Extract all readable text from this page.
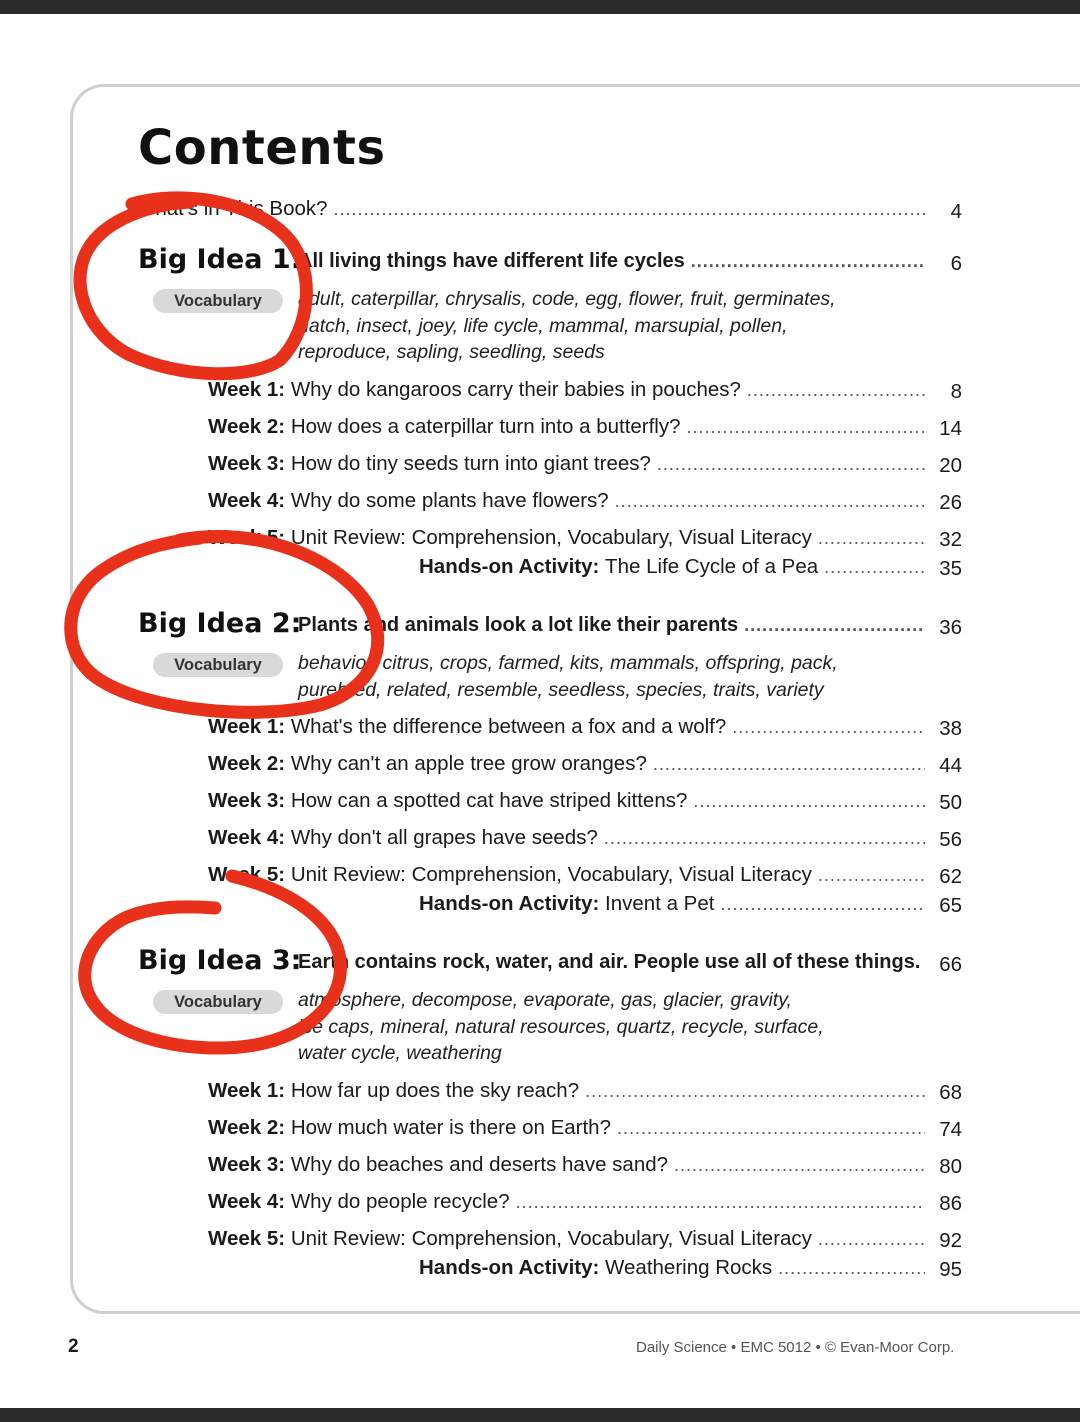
Contents
What's in This Book? .....	4
Big Idea 1:
All living things have different life cycles .....	6
Vocabulary	adult, caterpillar, chrysalis, code, egg, flower, fruit, germinates,
hatch, insect, joey, life cycle, mammal, marsupial, pollen,
reproduce, sapling, seedling, seeds
Week 1:
Why do kangaroos carry their babies in pouches? .....	8
Week 2:
How does a caterpillar turn into a butterfly? .....	14
Week 3:
How do tiny seeds turn into giant trees? .....	20
Week 4:
Why do some plants have flowers? .....	26
Week 5:
Unit Review: Comprehension, Vocabulary, Visual Literacy .....	32
Hands-on Activity:
The Life Cycle of a Pea .....	35
Big Idea 2:
Plants and animals look a lot like their parents .....	36
Vocabulary	behavior, citrus, crops, farmed, kits, mammals, offspring, pack,
purebred, related, resemble, seedless, species, traits, variety
Week 1:
What's the difference between a fox and a wolf? .....	38
Week 2:
Why can't an apple tree grow oranges? .....	44
Week 3:
How can a spotted cat have striped kittens? .....	50
Week 4:
Why don't all grapes have seeds? .....	56
Week 5:
Unit Review: Comprehension, Vocabulary, Visual Literacy .....	62
Hands-on Activity:
Invent a Pet .....	65
Big Idea 3:
Earth contains rock, water, and air. People use all of these things. 66
Vocabulary	atmosphere, decompose, evaporate, gas, glacier, gravity,
ice caps, mineral, natural resources, quartz, recycle, surface,
water cycle, weathering
Week 1:
How far up does the sky reach? .....	68
Week 2:
How much water is there on Earth? .....	74
Week 3:
Why do beaches and deserts have sand? .....	80
Week 4:
Why do people recycle? .....	86
Week 5:
Unit Review: Comprehension, Vocabulary, Visual Literacy .....	92
Hands-on Activity:
Weathering Rocks .....	95
2	Daily Science • EMC 5012 • © Evan-Moor Corp.
